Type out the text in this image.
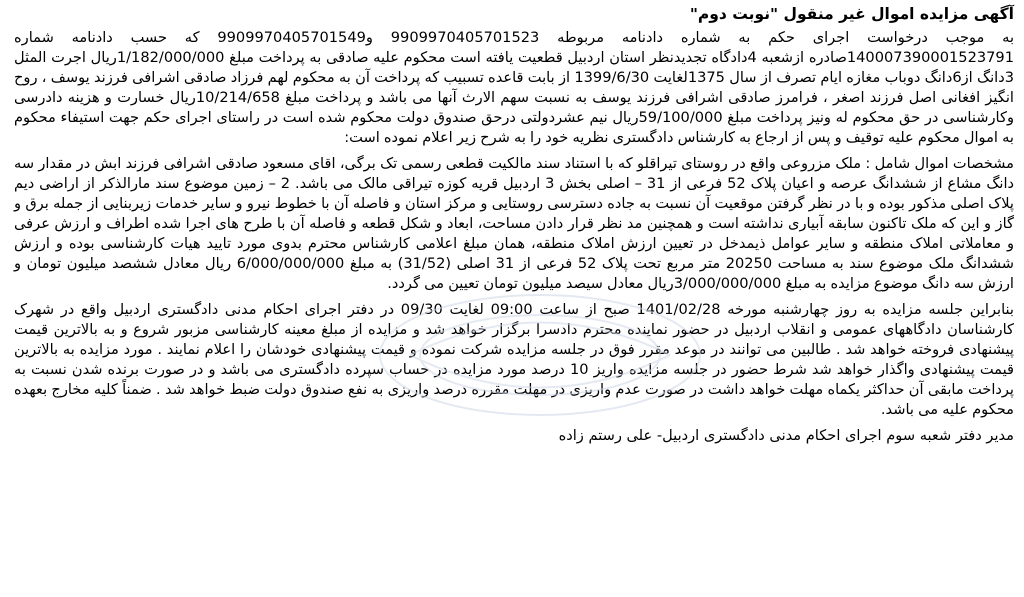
آگهی مزایده اموال غیر منقول "نوبت دوم"

به موجب درخواست اجرای حکم به شماره دادنامه مربوطه 9909970405701523 و9909970405701549 که حسب دادنامه شماره 140007390001523791صادره ازشعبه 4دادگاه تجدیدنظر استان اردبیل قطعیت یافته است محکوم علیه صادقی به پرداخت مبلغ 1/182/000/000ریال اجرت المثل 3دانگ از6دانگ دوباب مغازه ایام تصرف از سال 1375لغایت 1399/6/30 از بابت قاعده تسبیب که پرداخت آن به محکوم لهم فرزاد صادقی اشرافی فرزند یوسف ، روح انگیز افغانی اصل فرزند اصغر ، فرامرز صادقی اشرافی فرزند یوسف به نسبت سهم الارث آنها می باشد و پرداخت مبلغ 10/214/658ریال خسارت و هزینه دادرسی وکارشناسی در حق محکوم له ونیز پرداخت مبلغ 59/100/000ریال نیم عشردولتی درحق صندوق دولت محکوم شده است در راستای اجرای حکم جهت استیفاء محکوم به اموال محکوم علیه توقیف و پس از ارجاع به کارشناس دادگستری نظریه خود را به شرح زیر اعلام نموده است:

مشخصات اموال شامل : ملک مزروعی واقع در روستای تیراقلو که با استناد سند مالکیت قطعی رسمی تک برگی، اقای مسعود صادقی اشرافی فرزند ابش در مقدار سه دانگ مشاع از ششدانگ عرصه و اعیان پلاک 52 فرعی از 31 – اصلی بخش 3 اردبیل قریه کوزه تیراقی مالک می باشد. 2 – زمین موضوع سند مارالذکر از اراضی دیم پلاک اصلی مذکور بوده و با در نظر گرفتن موقعیت آن نسبت به جاده دسترسی روستایی و مرکز استان و فاصله آن با خطوط نیرو و سایر خدمات زیربنایی از جمله برق و گاز و این که ملک تاکنون سابقه آبیاری نداشته است و همچنین مد نظر قرار دادن مساحت، ابعاد و شکل قطعه و فاصله آن با طرح های اجرا شده اطراف و ارزش عرفی و معاملاتی املاک منطقه و سایر عوامل ذیمدخل در تعیین ارزش املاک منطقه، همان مبلغ اعلامی کارشناس محترم بدوی مورد تایید هیات کارشناسی بوده و ارزش ششدانگ ملک موضوع سند به مساحت 20250 متر مربع تحت پلاک 52 فرعی از 31 اصلی (31/52) به مبلغ 6/000/000/000 ریال معادل ششصد میلیون تومان و ارزش سه دانگ موضوع مزایده به مبلغ 3/000/000/000ریال معادل سیصد میلیون تومان تعیین می گردد.

بنابراین جلسه مزایده به روز چهارشنبه مورخه 1401/02/28 صبح از ساعت 09:00 لغایت 09/30 در دفتر اجرای احکام مدنی دادگستری اردبیل واقع در شهرک کارشناسان دادگاههای عمومی و انقلاب اردبیل در حضور نماینده محترم دادسرا برگزار خواهد شد و مزایده از مبلغ معینه کارشناسی مزبور شروع و به بالاترین قیمت پیشنهادی فروخته خواهد شد . طالبین می توانند در موعد مقرر فوق در جلسه مزایده شرکت نموده و قیمت پیشنهادی خودشان را اعلام نمایند . مورد مزایده به بالاترین قیمت پیشنهادی واگذار خواهد شد شرط حضور در جلسه مزایده واریز 10 درصد مورد مزایده در حساب سپرده دادگستری می باشد و در صورت برنده شدن نسبت به پرداخت مابقی آن حداکثر یکماه مهلت خواهد داشت در صورت عدم واریزی در مهلت مقرره درصد واریزی به نفع صندوق دولت ضبط خواهد شد . ضمناً کلیه مخارج بعهده محکوم علیه می باشد.

مدیر دفتر شعبه سوم اجرای احکام مدنی دادگستری اردبیل- علی رستم زاده
